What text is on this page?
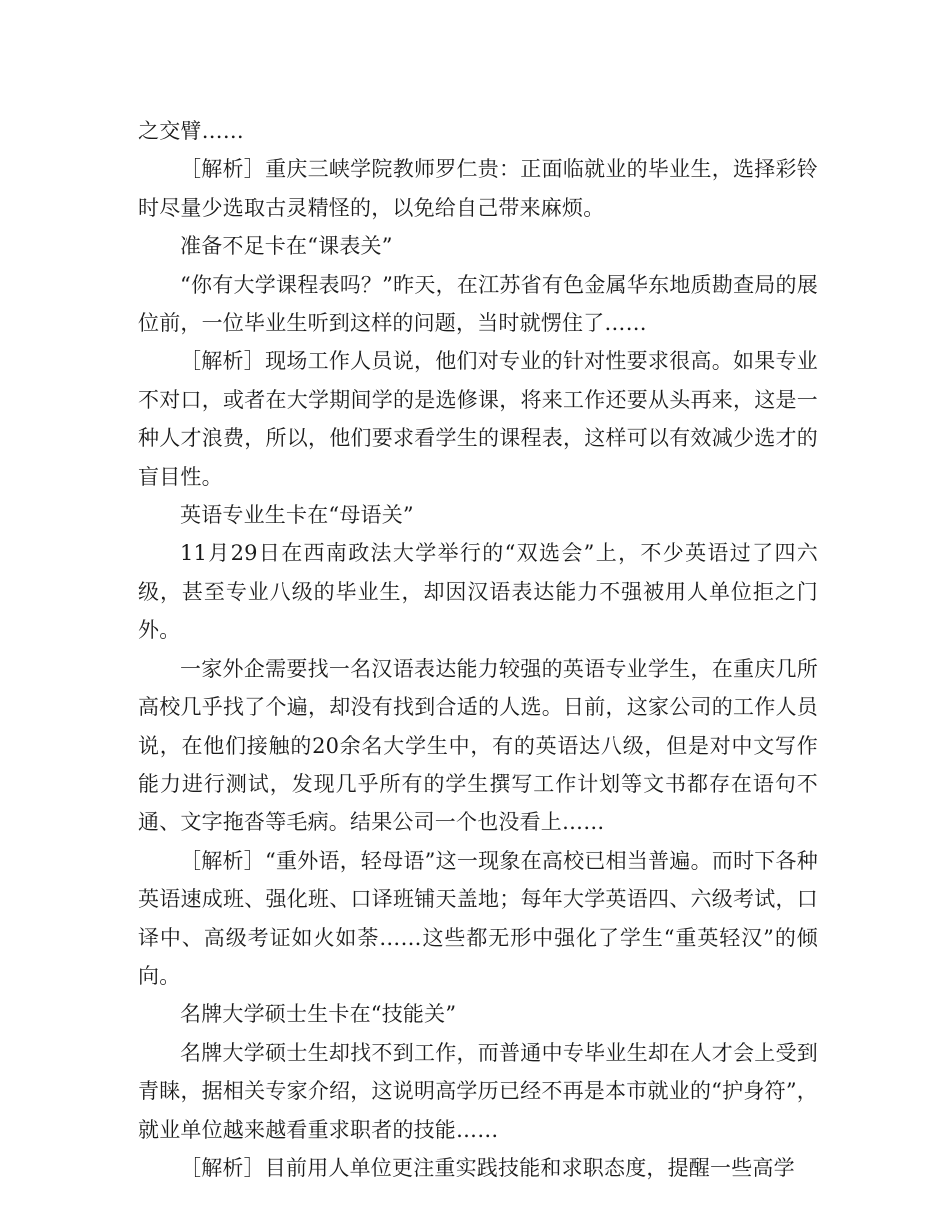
之交臂……

［解析］重庆三峡学院教师罗仁贵：正面临就业的毕业生，选择彩铃时尽量少选取古灵精怪的，以免给自己带来麻烦。

准备不足卡在“课表关”

“你有大学课程表吗？”昨天，在江苏省有色金属华东地质勘查局的展位前，一位毕业生听到这样的问题，当时就愣住了……

［解析］现场工作人员说，他们对专业的针对性要求很高。如果专业不对口，或者在大学期间学的是选修课，将来工作还要从头再来，这是一种人才浪费，所以，他们要求看学生的课程表，这样可以有效减少选才的盲目性。

英语专业生卡在“母语关”

11月29日在西南政法大学举行的“双选会”上，不少英语过了四六级，甚至专业八级的毕业生，却因汉语表达能力不强被用人单位拒之门外。

一家外企需要找一名汉语表达能力较强的英语专业学生，在重庆几所高校几乎找了个遍，却没有找到合适的人选。日前，这家公司的工作人员说，在他们接触的20余名大学生中，有的英语达八级，但是对中文写作能力进行测试，发现几乎所有的学生撰写工作计划等文书都存在语句不通、文字拖沓等毛病。结果公司一个也没看上……

［解析］“重外语，轻母语”这一现象在高校已相当普遍。而时下各种英语速成班、强化班、口译班铺天盖地；每年大学英语四、六级考试，口译中、高级考证如火如荼……这些都无形中强化了学生“重英轻汉”的倾向。

名牌大学硕士生卡在“技能关”

名牌大学硕士生却找不到工作，而普通中专毕业生却在人才会上受到青睐，据相关专家介绍，这说明高学历已经不再是本市就业的“护身符”，就业单位越来越看重求职者的技能……

［解析］目前用人单位更注重实践技能和求职态度，提醒一些高学
